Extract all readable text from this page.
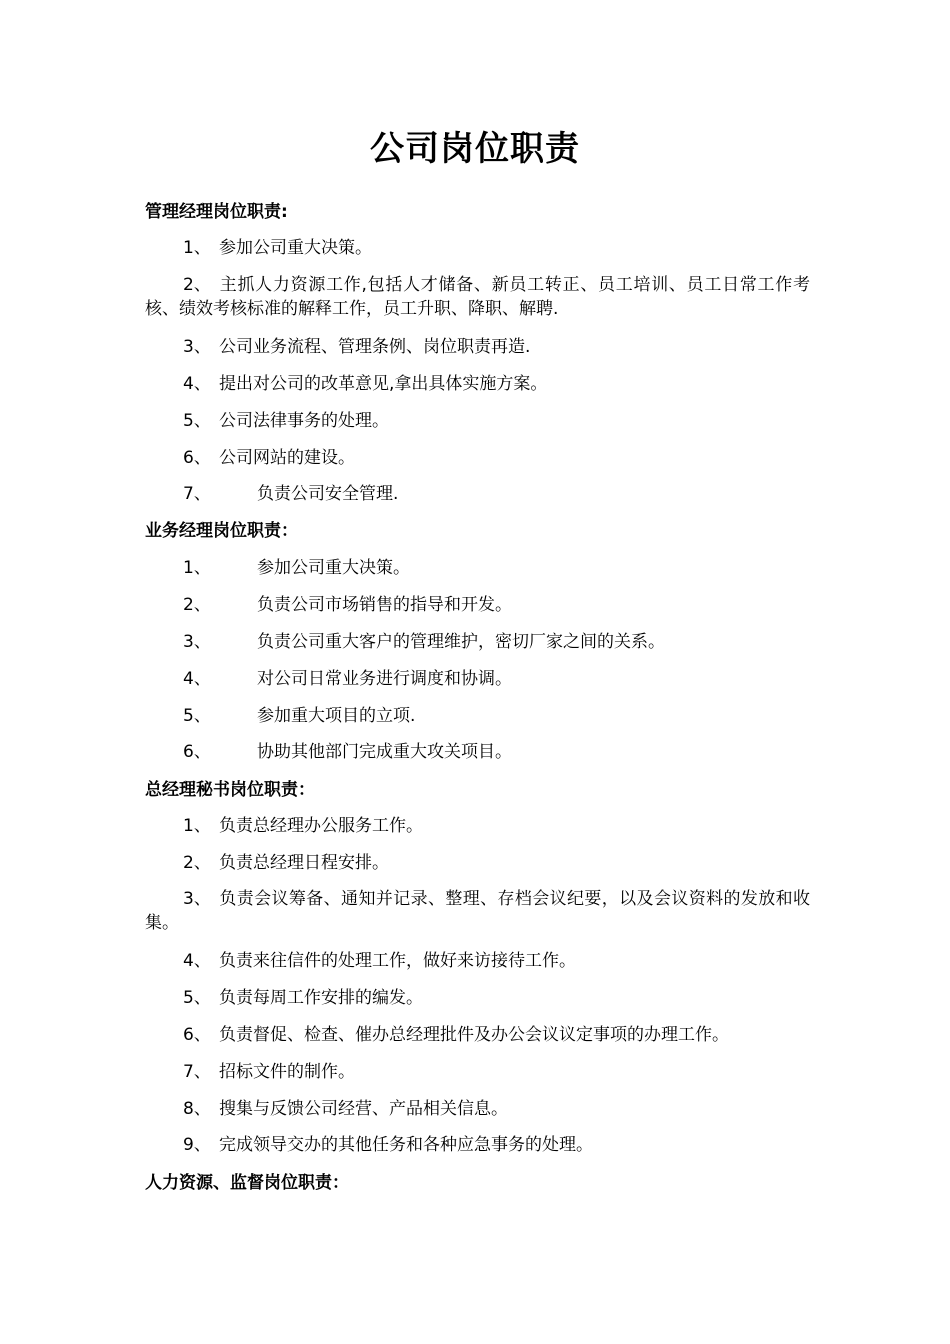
公司岗位职责

管理经理岗位职责:

1、 参加公司重大决策。

2、 主抓人力资源工作,包括人才储备、新员工转正、员工培训、员工日常工作考核、绩效考核标准的解释工作，员工升职、降职、解聘.

3、 公司业务流程、管理条例、岗位职责再造.

4、 提出对公司的改革意见,拿出具体实施方案。

5、 公司法律事务的处理。

6、 公司网站的建设。

7、	负责公司安全管理.

业务经理岗位职责：

1、	参加公司重大决策。

2、	负责公司市场销售的指导和开发。

3、	负责公司重大客户的管理维护，密切厂家之间的关系。

4、	对公司日常业务进行调度和协调。

5、	参加重大项目的立项.

6、	协助其他部门完成重大攻关项目。

总经理秘书岗位职责：

1、 负责总经理办公服务工作。

2、 负责总经理日程安排。

3、 负责会议筹备、通知并记录、整理、存档会议纪要，以及会议资料的发放和收集。

4、 负责来往信件的处理工作，做好来访接待工作。

5、 负责每周工作安排的编发。

6、 负责督促、检查、催办总经理批件及办公会议议定事项的办理工作。

7、 招标文件的制作。

8、 搜集与反馈公司经营、产品相关信息。

9、 完成领导交办的其他任务和各种应急事务的处理。

人力资源、监督岗位职责：
